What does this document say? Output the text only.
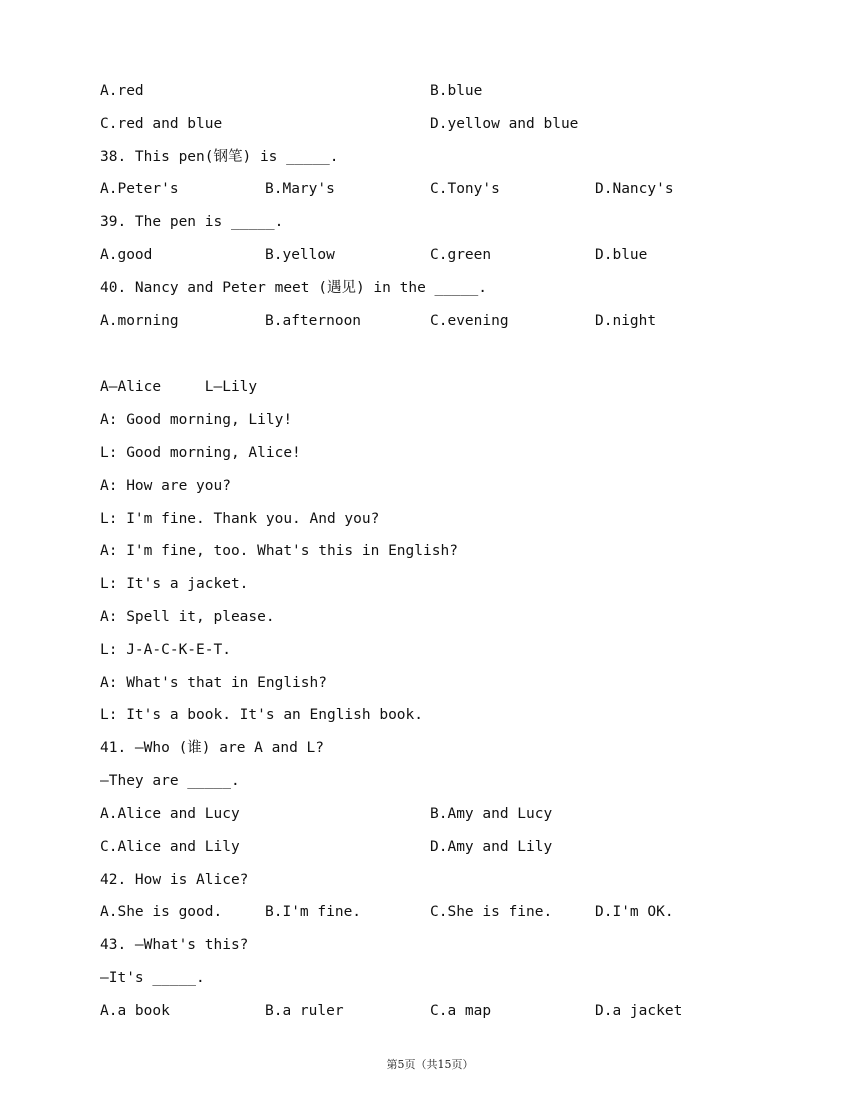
A.red	B.blue
C.red and blue	D.yellow and blue
38. This pen(钢笔) is _____.
A.Peter's	B.Mary's	C.Tony's	D.Nancy's
39. The pen is _____.
A.good	B.yellow	C.green	D.blue
40. Nancy and Peter meet (遇见) in the _____.
A.morning	B.afternoon	C.evening	D.night
A—Alice     L—Lily
A: Good morning, Lily!
L: Good morning, Alice!
A: How are you?
L: I'm fine. Thank you. And you?
A: I'm fine, too. What's this in English?
L: It's a jacket.
A: Spell it, please.
L: J-A-C-K-E-T.
A: What's that in English?
L: It's a book. It's an English book.
41. —Who (谁) are A and L?
—They are _____.
A.Alice and Lucy	B.Amy and Lucy
C.Alice and Lily	D.Amy and Lily
42. How is Alice?
A.She is good.	B.I'm fine.	C.She is fine.	D.I'm OK.
43. —What's this?
—It's _____.
A.a book	B.a ruler	C.a map	D.a jacket
第5页（共15页）
